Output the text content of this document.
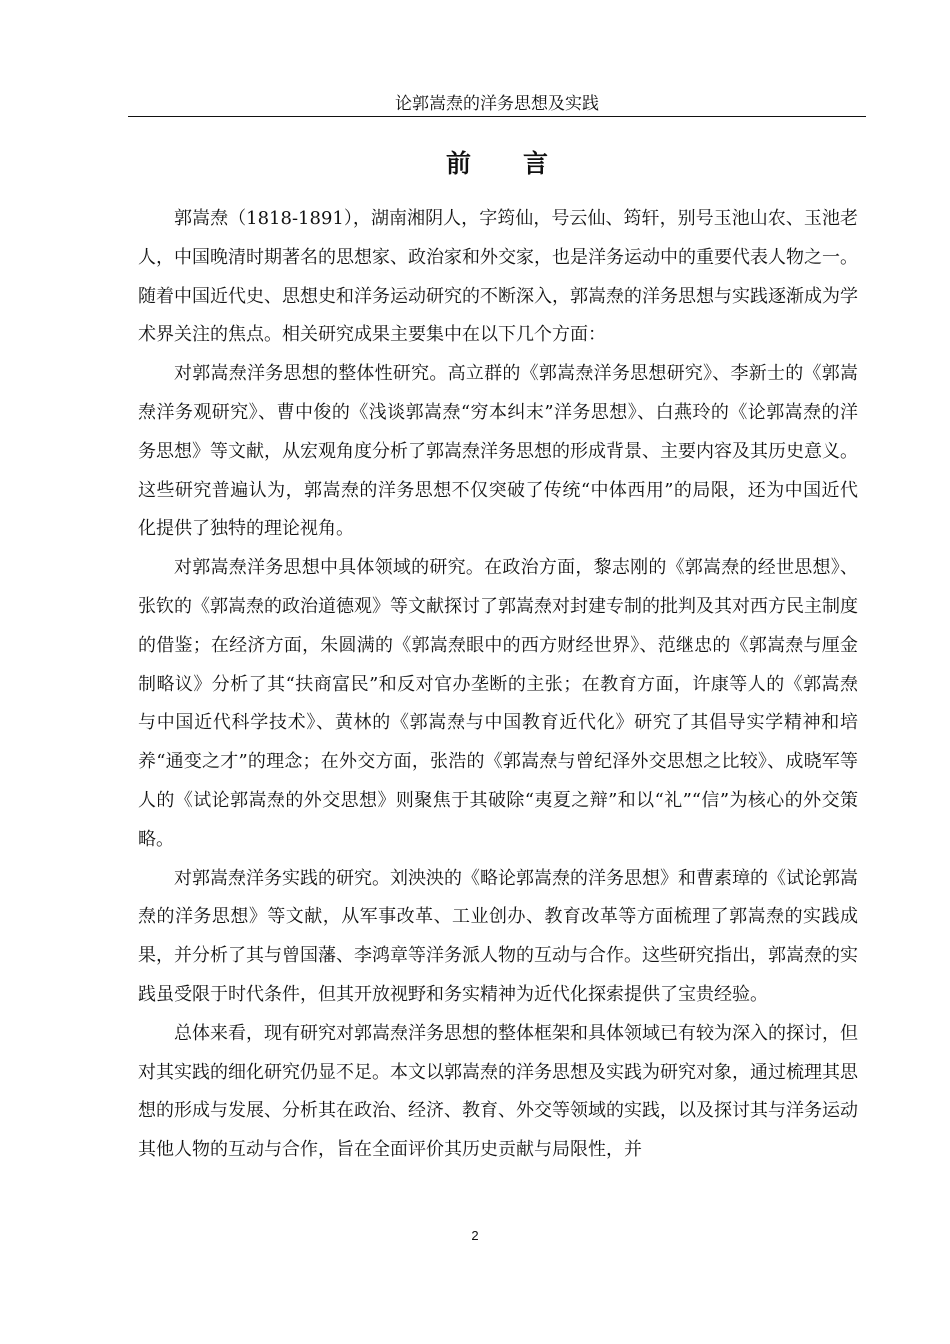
论郭嵩焘的洋务思想及实践
前言

郭嵩焘（1818-1891），湖南湘阴人，字筠仙，号云仙、筠轩，别号玉池山农、玉池老人，中国晚清时期著名的思想家、政治家和外交家，也是洋务运动中的重要代表人物之一。随着中国近代史、思想史和洋务运动研究的不断深入，郭嵩焘的洋务思想与实践逐渐成为学术界关注的焦点。相关研究成果主要集中在以下几个方面：

对郭嵩焘洋务思想的整体性研究。高立群的《郭嵩焘洋务思想研究》、李新士的《郭嵩焘洋务观研究》、曹中俊的《浅谈郭嵩焘“穷本纠末”洋务思想》、白燕玲的《论郭嵩焘的洋务思想》等文献，从宏观角度分析了郭嵩焘洋务思想的形成背景、主要内容及其历史意义。这些研究普遍认为，郭嵩焘的洋务思想不仅突破了传统“中体西用”的局限，还为中国近代化提供了独特的理论视角。

对郭嵩焘洋务思想中具体领域的研究。在政治方面，黎志刚的《郭嵩焘的经世思想》、张钦的《郭嵩焘的政治道德观》等文献探讨了郭嵩焘对封建专制的批判及其对西方民主制度的借鉴；在经济方面，朱圆满的《郭嵩焘眼中的西方财经世界》、范继忠的《郭嵩焘与厘金制略议》分析了其“扶商富民”和反对官办垄断的主张；在教育方面，许康等人的《郭嵩焘与中国近代科学技术》、黄林的《郭嵩焘与中国教育近代化》研究了其倡导实学精神和培养“通变之才”的理念；在外交方面，张浩的《郭嵩焘与曾纪泽外交思想之比较》、成晓军等人的《试论郭嵩焘的外交思想》则聚焦于其破除“夷夏之辩”和以“礼”“信”为核心的外交策略。

对郭嵩焘洋务实践的研究。刘泱泱的《略论郭嵩焘的洋务思想》和曹素璋的《试论郭嵩焘的洋务思想》等文献，从军事改革、工业创办、教育改革等方面梳理了郭嵩焘的实践成果，并分析了其与曾国藩、李鸿章等洋务派人物的互动与合作。这些研究指出，郭嵩焘的实践虽受限于时代条件，但其开放视野和务实精神为近代化探索提供了宝贵经验。

总体来看，现有研究对郭嵩焘洋务思想的整体框架和具体领域已有较为深入的探讨，但对其实践的细化研究仍显不足。本文以郭嵩焘的洋务思想及实践为研究对象，通过梳理其思想的形成与发展、分析其在政治、经济、教育、外交等领域的实践，以及探讨其与洋务运动其他人物的互动与合作，旨在全面评价其历史贡献与局限性，并

2
